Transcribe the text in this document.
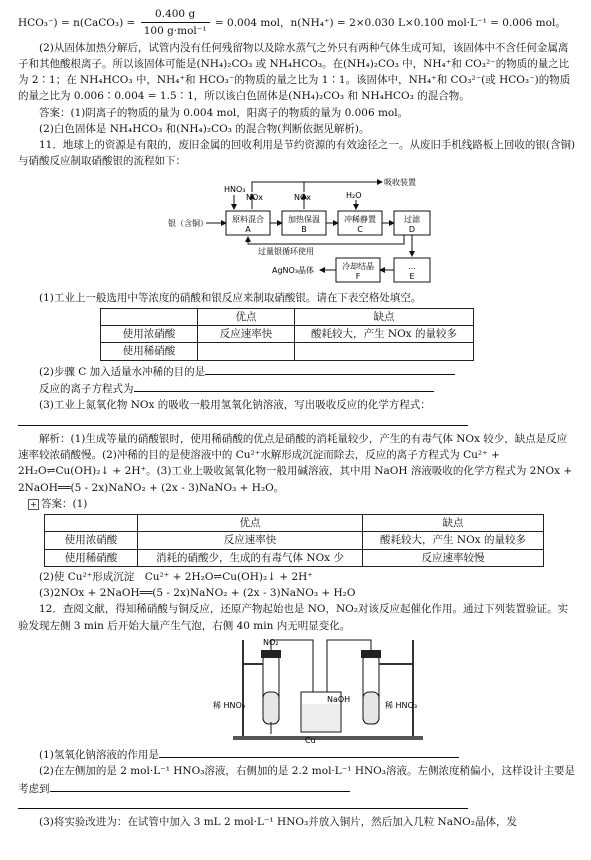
HCO₃⁻) = n(CaCO₃) = $\frac{0.400 g}{\text{100 g·mol⁻¹}} = 0.004$ mol，n(NH₄⁺) = 2×0.030 L×0.100 mol·L⁻¹ = 0.006 mol。

(2)从固体加热分解后，试管内没有任何残留物以及除水蒸气之外只有两种气体生成可知，该固体中不含任何金属离子和其他酸根离子。所以该固体可能是(NH₄)₂CO₃ 或 NH₄HCO₃。在(NH₄)₂CO₃ 中，NH₄⁺和 CO₃²⁻的物质的量之比为 2∶1；在 NH₄HCO₃ 中，NH₄⁺和 HCO₃⁻的物质的量之比为 1∶1。该固体中，NH₄⁺和 CO₃²⁻(或 HCO₃⁻)的物质的量之比为 0.006∶0.004 = 1.5∶1，所以该白色固体是(NH₄)₂CO₃ 和 NH₄HCO₃ 的混合物。

答案：(1)阴离子的物质的量为 0.004 mol，阳离子的物质的量为 0.006 mol。

(2)白色固体是 NH₄HCO₃ 和(NH₄)₂CO₃ 的混合物(判断依据见解析)。

11．地球上的资源是有限的，废旧金属的回收利用是节约资源的有效途径之一。从废旧手机线路板上回收的银(含铜)与硝酸反应制取硝酸银的流程如下：

银（含铜）
HNO₃
NOx
原料混合
A
NOx
加热保温
B
H₂O
冲稀静置
C
过滤
D
吸收装置
过量银循环使用
…
E
冷却结晶
F
AgNO₃晶体

(1)工业上一般选用中等浓度的硝酸和银反应来制取硝酸银。请在下表空格处填空。

	优点	缺点
使用浓硝酸	反应速率快	酸耗较大，产生 NOx 的量较多
使用稀硝酸		

(2)步骤 C 加入适量水冲稀的目的是

反应的离子方程式为

(3)工业上氮氧化物 NOx 的吸收一般用氢氧化钠溶液，写出吸收反应的化学方程式：

解析：(1)生成等量的硝酸银时，使用稀硝酸的优点是硝酸的消耗量较少，产生的有毒气体 NOx 较少，缺点是反应速率较浓硝酸慢。(2)冲稀的目的是使溶液中的 Cu²⁺水解形成沉淀而除去，反应的离子方程式为 Cu²⁺ + 2H₂O⇌Cu(OH)₂↓ + 2H⁺。(3)工业上吸收氮氧化物一般用碱溶液，其中用 NaOH 溶液吸收的化学方程式为 2NOx + 2NaOH══(5 - 2x)NaNO₂ + (2x - 3)NaNO₃ + H₂O。

+ 答案：(1)

	优点	缺点
使用浓硝酸	反应速率快	酸耗较大，产生 NOx 的量较多
使用稀硝酸	消耗的硝酸少，生成的有毒气体 NOx 少	反应速率较慢

(2)使 Cu²⁺形成沉淀　Cu²⁺ + 2H₂O⇌Cu(OH)₂↓ + 2H⁺

(3)2NOx + 2NaOH══(5 - 2x)NaNO₂ + (2x - 3)NaNO₃ + H₂O

12．查阅文献，得知稀硝酸与铜反应，还原产物起始也是 NO，NO₂对该反应起催化作用。通过下列装置验证。实验发现左侧 3 min 后开始大量产生气泡，右侧 40 min 内无明显变化。

NO₂
稀 HNO₃
NaOH
稀 HNO₃
Cu

(1)氢氧化钠溶液的作用是

(2)在左侧加的是 2 mol·L⁻¹ HNO₃溶液，右侧加的是 2.2 mol·L⁻¹ HNO₃溶液。左侧浓度稍偏小，这样设计主要是考虑到

(3)将实验改进为：在试管中加入 3 mL 2 mol·L⁻¹ HNO₃并放入铜片，然后加入几粒 NaNO₂晶体，发
